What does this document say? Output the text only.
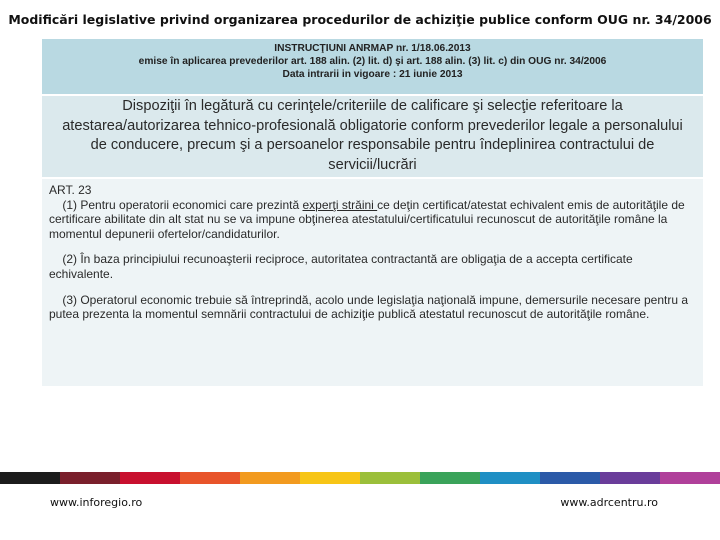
Modificări legislative privind organizarea procedurilor de achiziţie publice conform OUG nr. 34/2006
INSTRUCŢIUNI ANRMAP nr. 1/18.06.2013
emise în aplicarea prevederilor art. 188 alin. (2) lit. d) şi art. 188 alin. (3) lit. c) din OUG nr. 34/2006
Data intrarii in vigoare : 21 iunie 2013
Dispoziţii în legătură cu cerinţele/criteriile de calificare şi selecţie referitoare la atestarea/autorizarea tehnico-profesională obligatorie conform prevederilor legale a personalului de conducere, precum şi a persoanelor responsabile pentru îndeplinirea contractului de servicii/lucrări

ART. 23

(1) Pentru operatorii economici care prezintă experţi străini ce deţin certificat/atestat echivalent emis de autorităţile de certificare abilitate din alt stat nu se va impune obţinerea atestatului/certificatului recunoscut de autorităţile române la momentul depunerii ofertelor/candidaturilor.

(2) În baza principiului recunoaşterii reciproce, autoritatea contractantă are obligaţia de a accepta certificate echivalente.

(3) Operatorul economic trebuie să întreprindă, acolo unde legislaţia naţională impune, demersurile necesare pentru a putea prezenta la momentul semnării contractului de achiziţie publică atestatul recunoscut de autorităţile române.

www.inforegio.ro	www.adrcentru.ro
